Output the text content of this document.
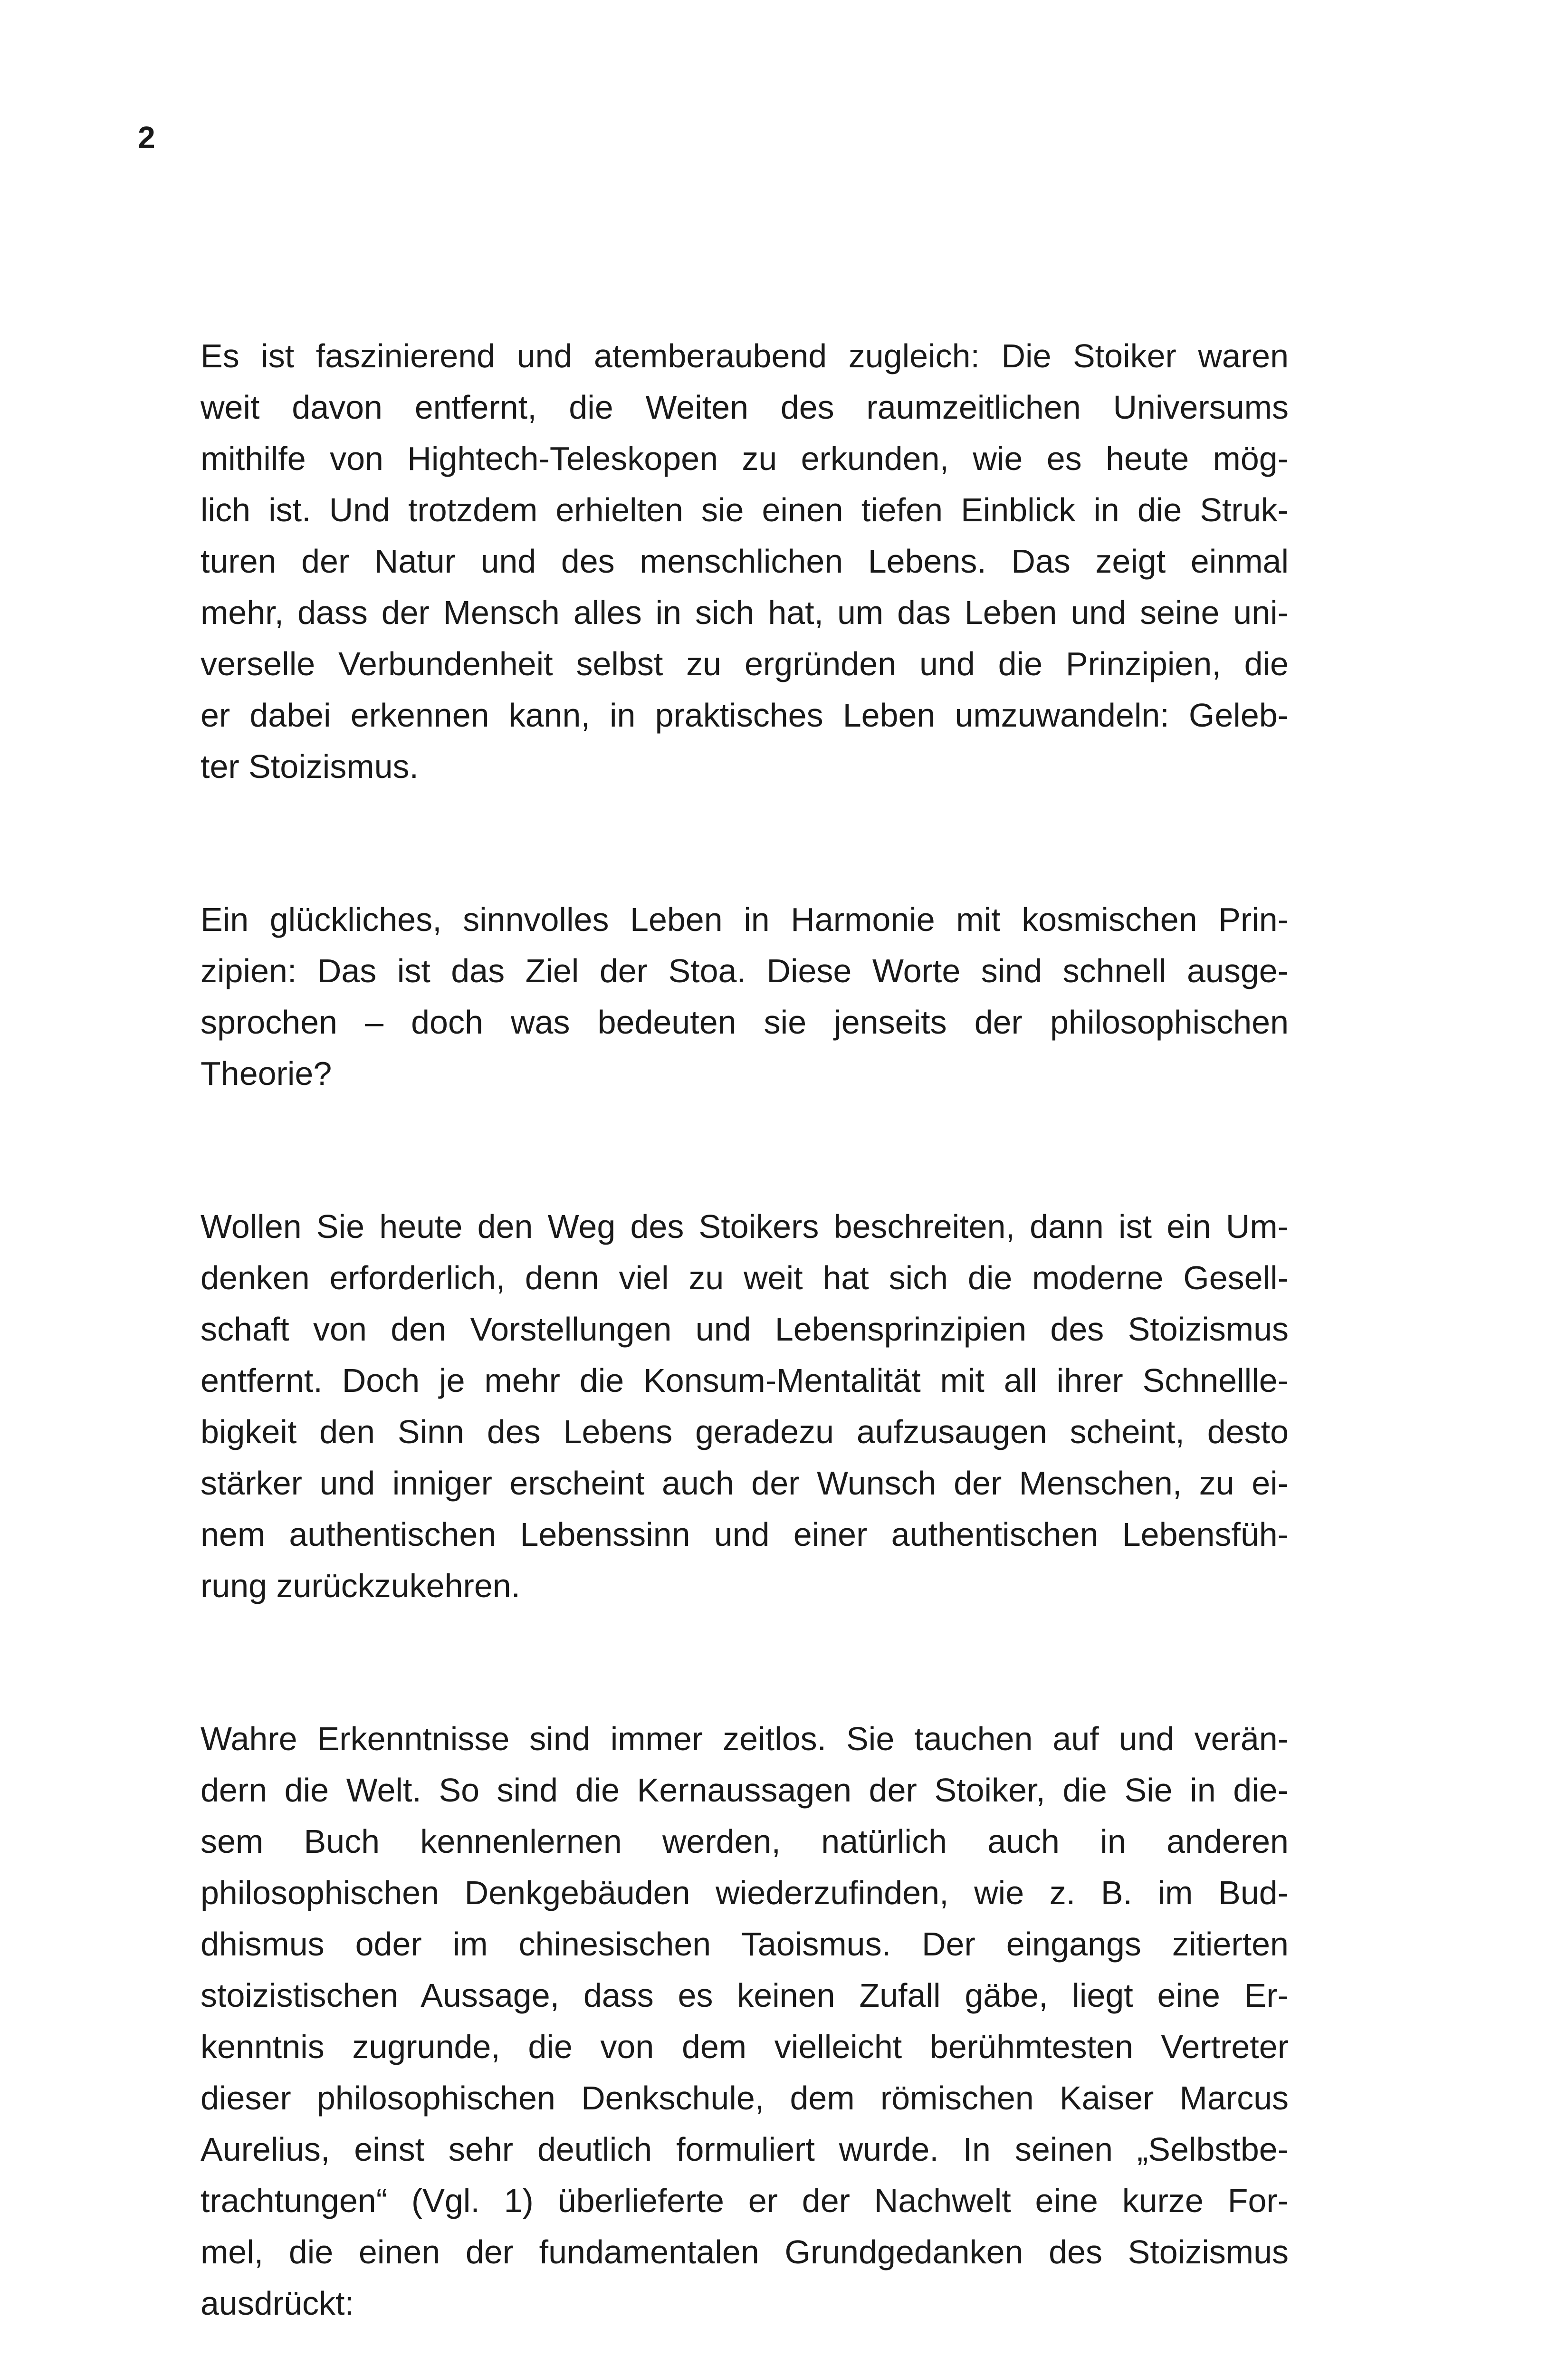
2

Es ist faszinierend und atemberaubend zugleich: Die Stoiker waren
weit davon entfernt, die Weiten des raumzeitlichen Universums
mithilfe von Hightech-Teleskopen zu erkunden, wie es heute mög-
lich ist. Und trotzdem erhielten sie einen tiefen Einblick in die Struk-
turen der Natur und des menschlichen Lebens. Das zeigt einmal
mehr, dass der Mensch alles in sich hat, um das Leben und seine uni-
verselle Verbundenheit selbst zu ergründen und die Prinzipien, die
er dabei erkennen kann, in praktisches Leben umzuwandeln: Geleb-
ter Stoizismus.

Ein glückliches, sinnvolles Leben in Harmonie mit kosmischen Prin-
zipien: Das ist das Ziel der Stoa. Diese Worte sind schnell ausge-
sprochen – doch was bedeuten sie jenseits der philosophischen
Theorie?

Wollen Sie heute den Weg des Stoikers beschreiten, dann ist ein Um-
denken erforderlich, denn viel zu weit hat sich die moderne Gesell-
schaft von den Vorstellungen und Lebensprinzipien des Stoizismus
entfernt. Doch je mehr die Konsum-Mentalität mit all ihrer Schnellle-
bigkeit den Sinn des Lebens geradezu aufzusaugen scheint, desto
stärker und inniger erscheint auch der Wunsch der Menschen, zu ei-
nem authentischen Lebenssinn und einer authentischen Lebensfüh-
rung zurückzukehren.

Wahre Erkenntnisse sind immer zeitlos. Sie tauchen auf und verän-
dern die Welt. So sind die Kernaussagen der Stoiker, die Sie in die-
sem Buch kennenlernen werden, natürlich auch in anderen
philosophischen Denkgebäuden wiederzufinden, wie z. B. im Bud-
dhismus oder im chinesischen Taoismus. Der eingangs zitierten
stoizistischen Aussage, dass es keinen Zufall gäbe, liegt eine Er-
kenntnis zugrunde, die von dem vielleicht berühmtesten Vertreter
dieser philosophischen Denkschule, dem römischen Kaiser Marcus
Aurelius, einst sehr deutlich formuliert wurde. In seinen „Selbstbe-
trachtungen“ (Vgl. 1) überlieferte er der Nachwelt eine kurze For-
mel, die einen der fundamentalen Grundgedanken des Stoizismus
ausdrückt:
